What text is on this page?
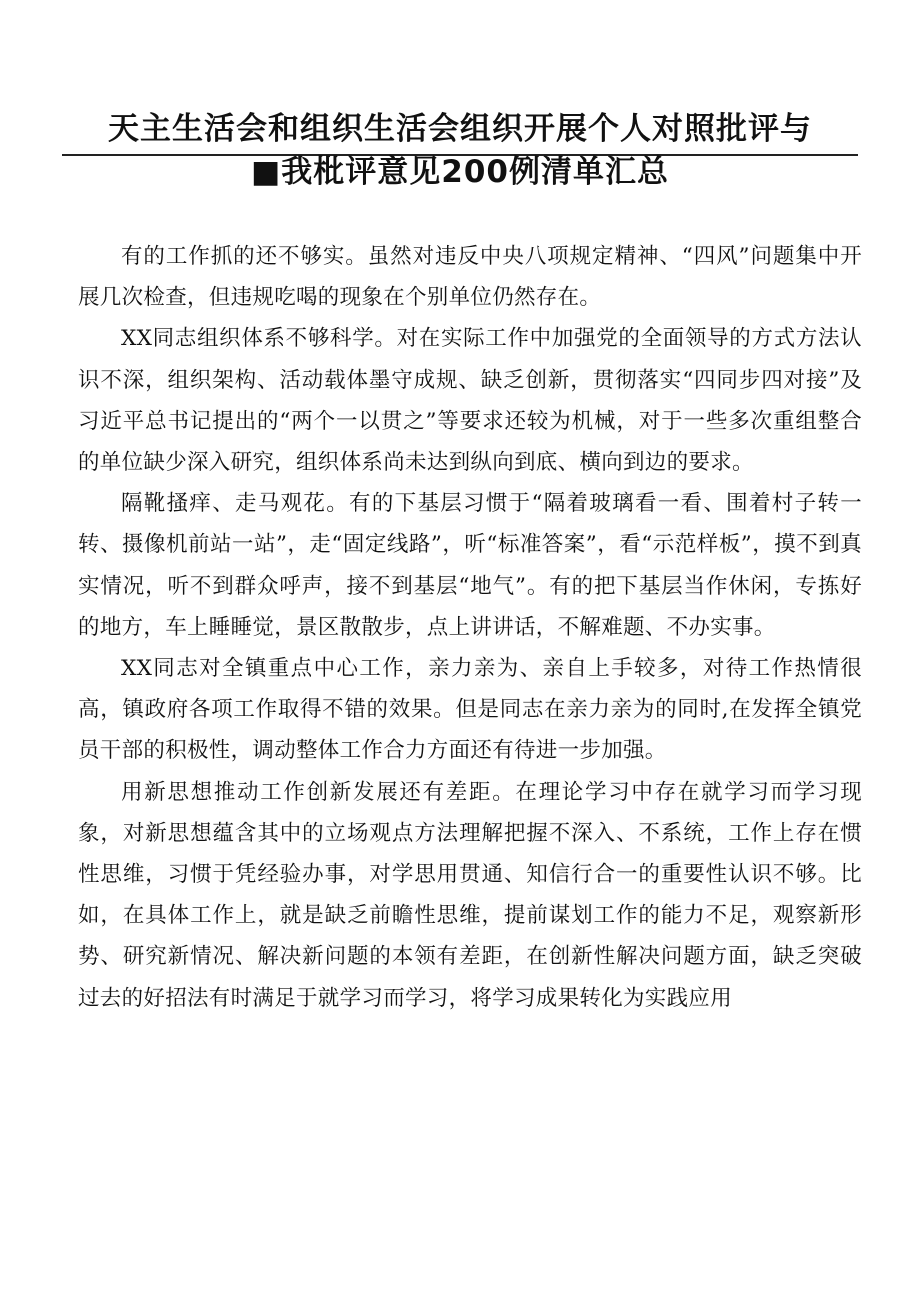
天主生活会和组织生活会组织开展个人对照批评与
■我枇评意见200例清单汇总

有的工作抓的还不够实。虽然对违反中央八项规定精神、“四风”问题集中开展几次检查，但违规吃喝的现象在个别单位仍然存在。

XX同志组织体系不够科学。对在实际工作中加强党的全面领导的方式方法认识不深，组织架构、活动载体墨守成规、缺乏创新，贯彻落实“四同步四对接”及习近平总书记提出的“两个一以贯之”等要求还较为机械，对于一些多次重组整合的单位缺少深入研究，组织体系尚未达到纵向到底、横向到边的要求。

隔靴搔痒、走马观花。有的下基层习惯于“隔着玻璃看一看、围着村子转一转、摄像机前站一站”，走“固定线路”，听“标准答案”，看“示范样板”，摸不到真实情况，听不到群众呼声，接不到基层“地气”。有的把下基层当作休闲，专拣好的地方，车上睡睡觉，景区散散步，点上讲讲话，不解难题、不办实事。

XX同志对全镇重点中心工作，亲力亲为、亲自上手较多，对待工作热情很高，镇政府各项工作取得不错的效果。但是同志在亲力亲为的同时,在发挥全镇党员干部的积极性，调动整体工作合力方面还有待进一步加强。

用新思想推动工作创新发展还有差距。在理论学习中存在就学习而学习现象，对新思想蕴含其中的立场观点方法理解把握不深入、不系统，工作上存在惯性思维，习惯于凭经验办事，对学思用贯通、知信行合一的重要性认识不够。比如，在具体工作上，就是缺乏前瞻性思维，提前谋划工作的能力不足，观察新形势、研究新情况、解决新问题的本领有差距，在创新性解决问题方面，缺乏突破过去的好招法有时满足于就学习而学习，将学习成果转化为实践应用
